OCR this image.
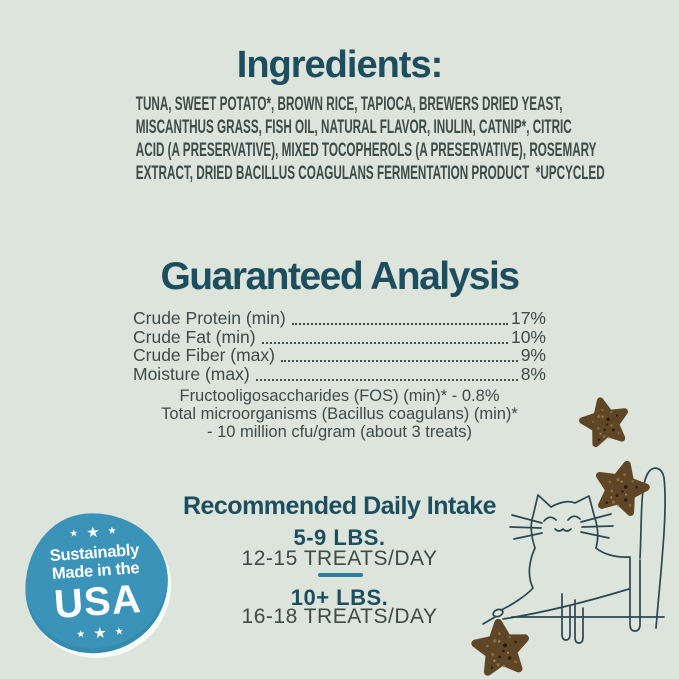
Ingredients:
TUNA, SWEET POTATO*, BROWN RICE, TAPIOCA, BREWERS DRIED YEAST,
MISCANTHUS GRASS, FISH OIL, NATURAL FLAVOR, INULIN, CATNIP*, CITRIC
ACID (A PRESERVATIVE), MIXED TOCOPHEROLS (A PRESERVATIVE), ROSEMARY
EXTRACT, DRIED BACILLUS COAGULANS FERMENTATION PRODUCT  *UPCYCLED
Guaranteed Analysis
Crude Protein (min)	17%
Crude Fat (min)	10%
Crude Fiber (max)	9%
Moisture (max)	8%
Fructooligosaccharides (FOS) (min)* - 0.8%
Total microorganisms (Bacillus coagulans) (min)*
- 10 million cfu/gram (about 3 treats)
Recommended Daily Intake
5-9 LBS.
12-15 TREATS/DAY
10+ LBS.
16-18 TREATS/DAY
★ ★ ★
Sustainably
Made in the
USA
★ ★ ★
